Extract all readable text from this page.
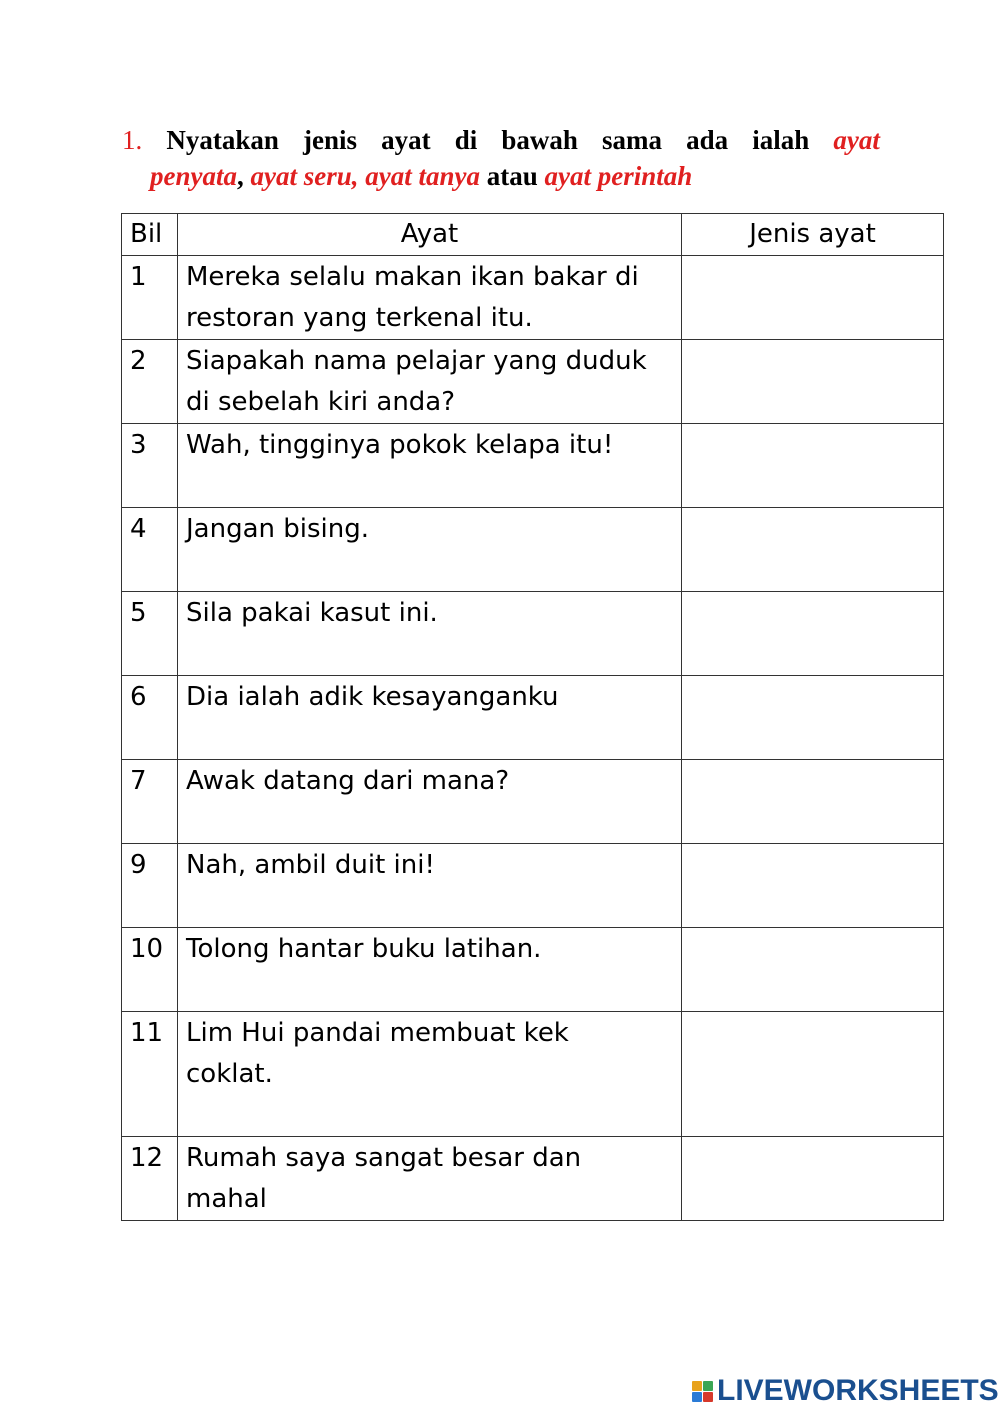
1. Nyatakan jenis ayat di bawah sama ada ialah ayat
penyata, ayat seru, ayat tanya atau ayat perintah
Bil	Ayat	Jenis ayat
1	Mereka selalu makan ikan bakar di
restoran yang terkenal itu.

2	Siapakah nama pelajar yang duduk
di sebelah kiri anda?

3	Wah, tingginya pokok kelapa itu!

4	Jangan bising.

5	Sila pakai kasut ini.

6	Dia ialah adik kesayanganku

7	Awak datang dari mana?

9	Nah, ambil duit ini!

10	Tolong hantar buku latihan.

11	Lim Hui pandai membuat kek
coklat.

12	Rumah saya sangat besar dan
mahal

LIVEWORKSHEETS
